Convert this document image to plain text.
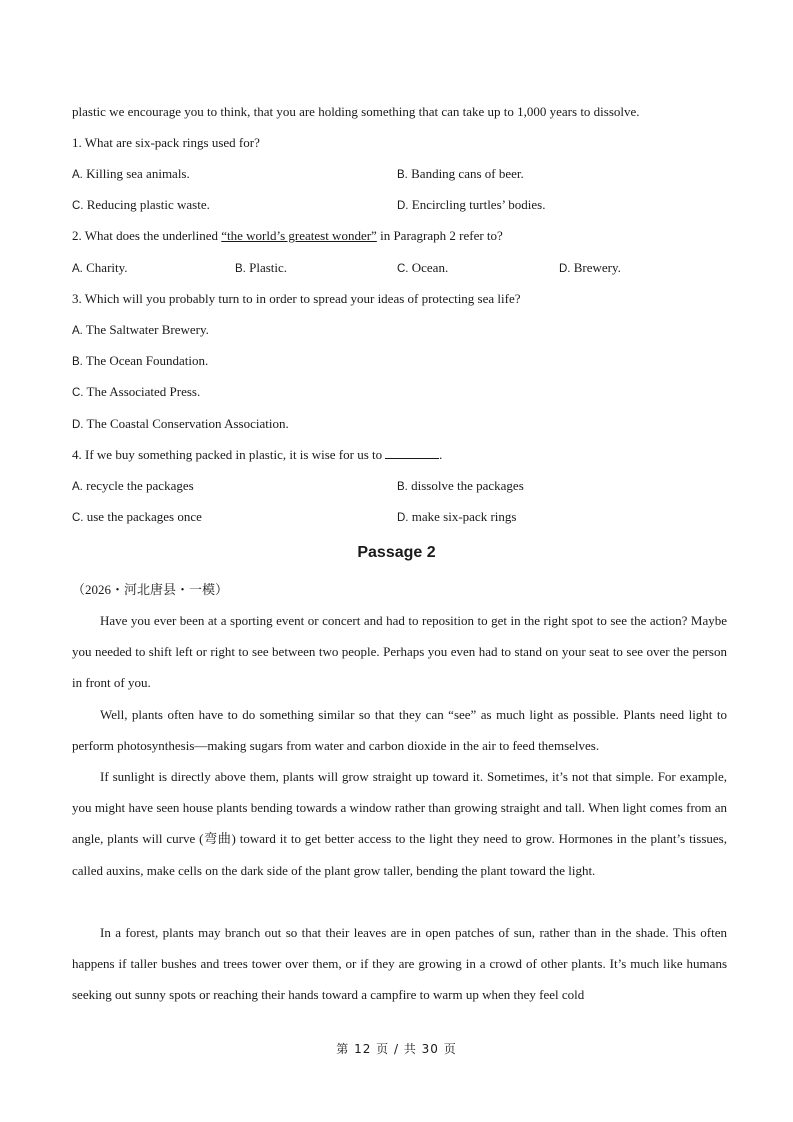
plastic we encourage you to think, that you are holding something that can take up to 1,000 years to dissolve.
1. What are six-pack rings used for?
A. Killing sea animals.	B. Banding cans of beer.
C. Reducing plastic waste.	D. Encircling turtles’ bodies.
2. What does the underlined “the world’s greatest wonder” in Paragraph 2 refer to?
A. Charity.	B. Plastic.	C. Ocean.	D. Brewery.
3. Which will you probably turn to in order to spread your ideas of protecting sea life?
A. The Saltwater Brewery.
B. The Ocean Foundation.
C. The Associated Press.
D. The Coastal Conservation Association.
4. If we buy something packed in plastic, it is wise for us to	.
A. recycle the packages	B. dissolve the packages
C. use the packages once	D. make six-pack rings
Passage 2
（2026・河北唐县・一模）
Have you ever been at a sporting event or concert and had to reposition to get in the right spot to see the action? Maybe you needed to shift left or right to see between two people. Perhaps you even had to stand on your seat to see over the person in front of you.
Well, plants often have to do something similar so that they can “see” as much light as possible. Plants need light to perform photosynthesis—making sugars from water and carbon dioxide in the air to feed themselves.
If sunlight is directly above them, plants will grow straight up toward it. Sometimes, it’s not that simple. For example, you might have seen house plants bending towards a window rather than growing straight and tall. When light comes from an angle, plants will curve (弯曲) toward it to get better access to the light they need to grow. Hormones in the plant’s tissues, called auxins, make cells on the dark side of the plant grow taller, bending the plant toward the light.
In a forest, plants may branch out so that their leaves are in open patches of sun, rather than in the shade. This often happens if taller bushes and trees tower over them, or if they are growing in a crowd of other plants. It’s much like humans seeking out sunny spots or reaching their hands toward a campfire to warm up when they feel cold
第 12 页 / 共 30 页
